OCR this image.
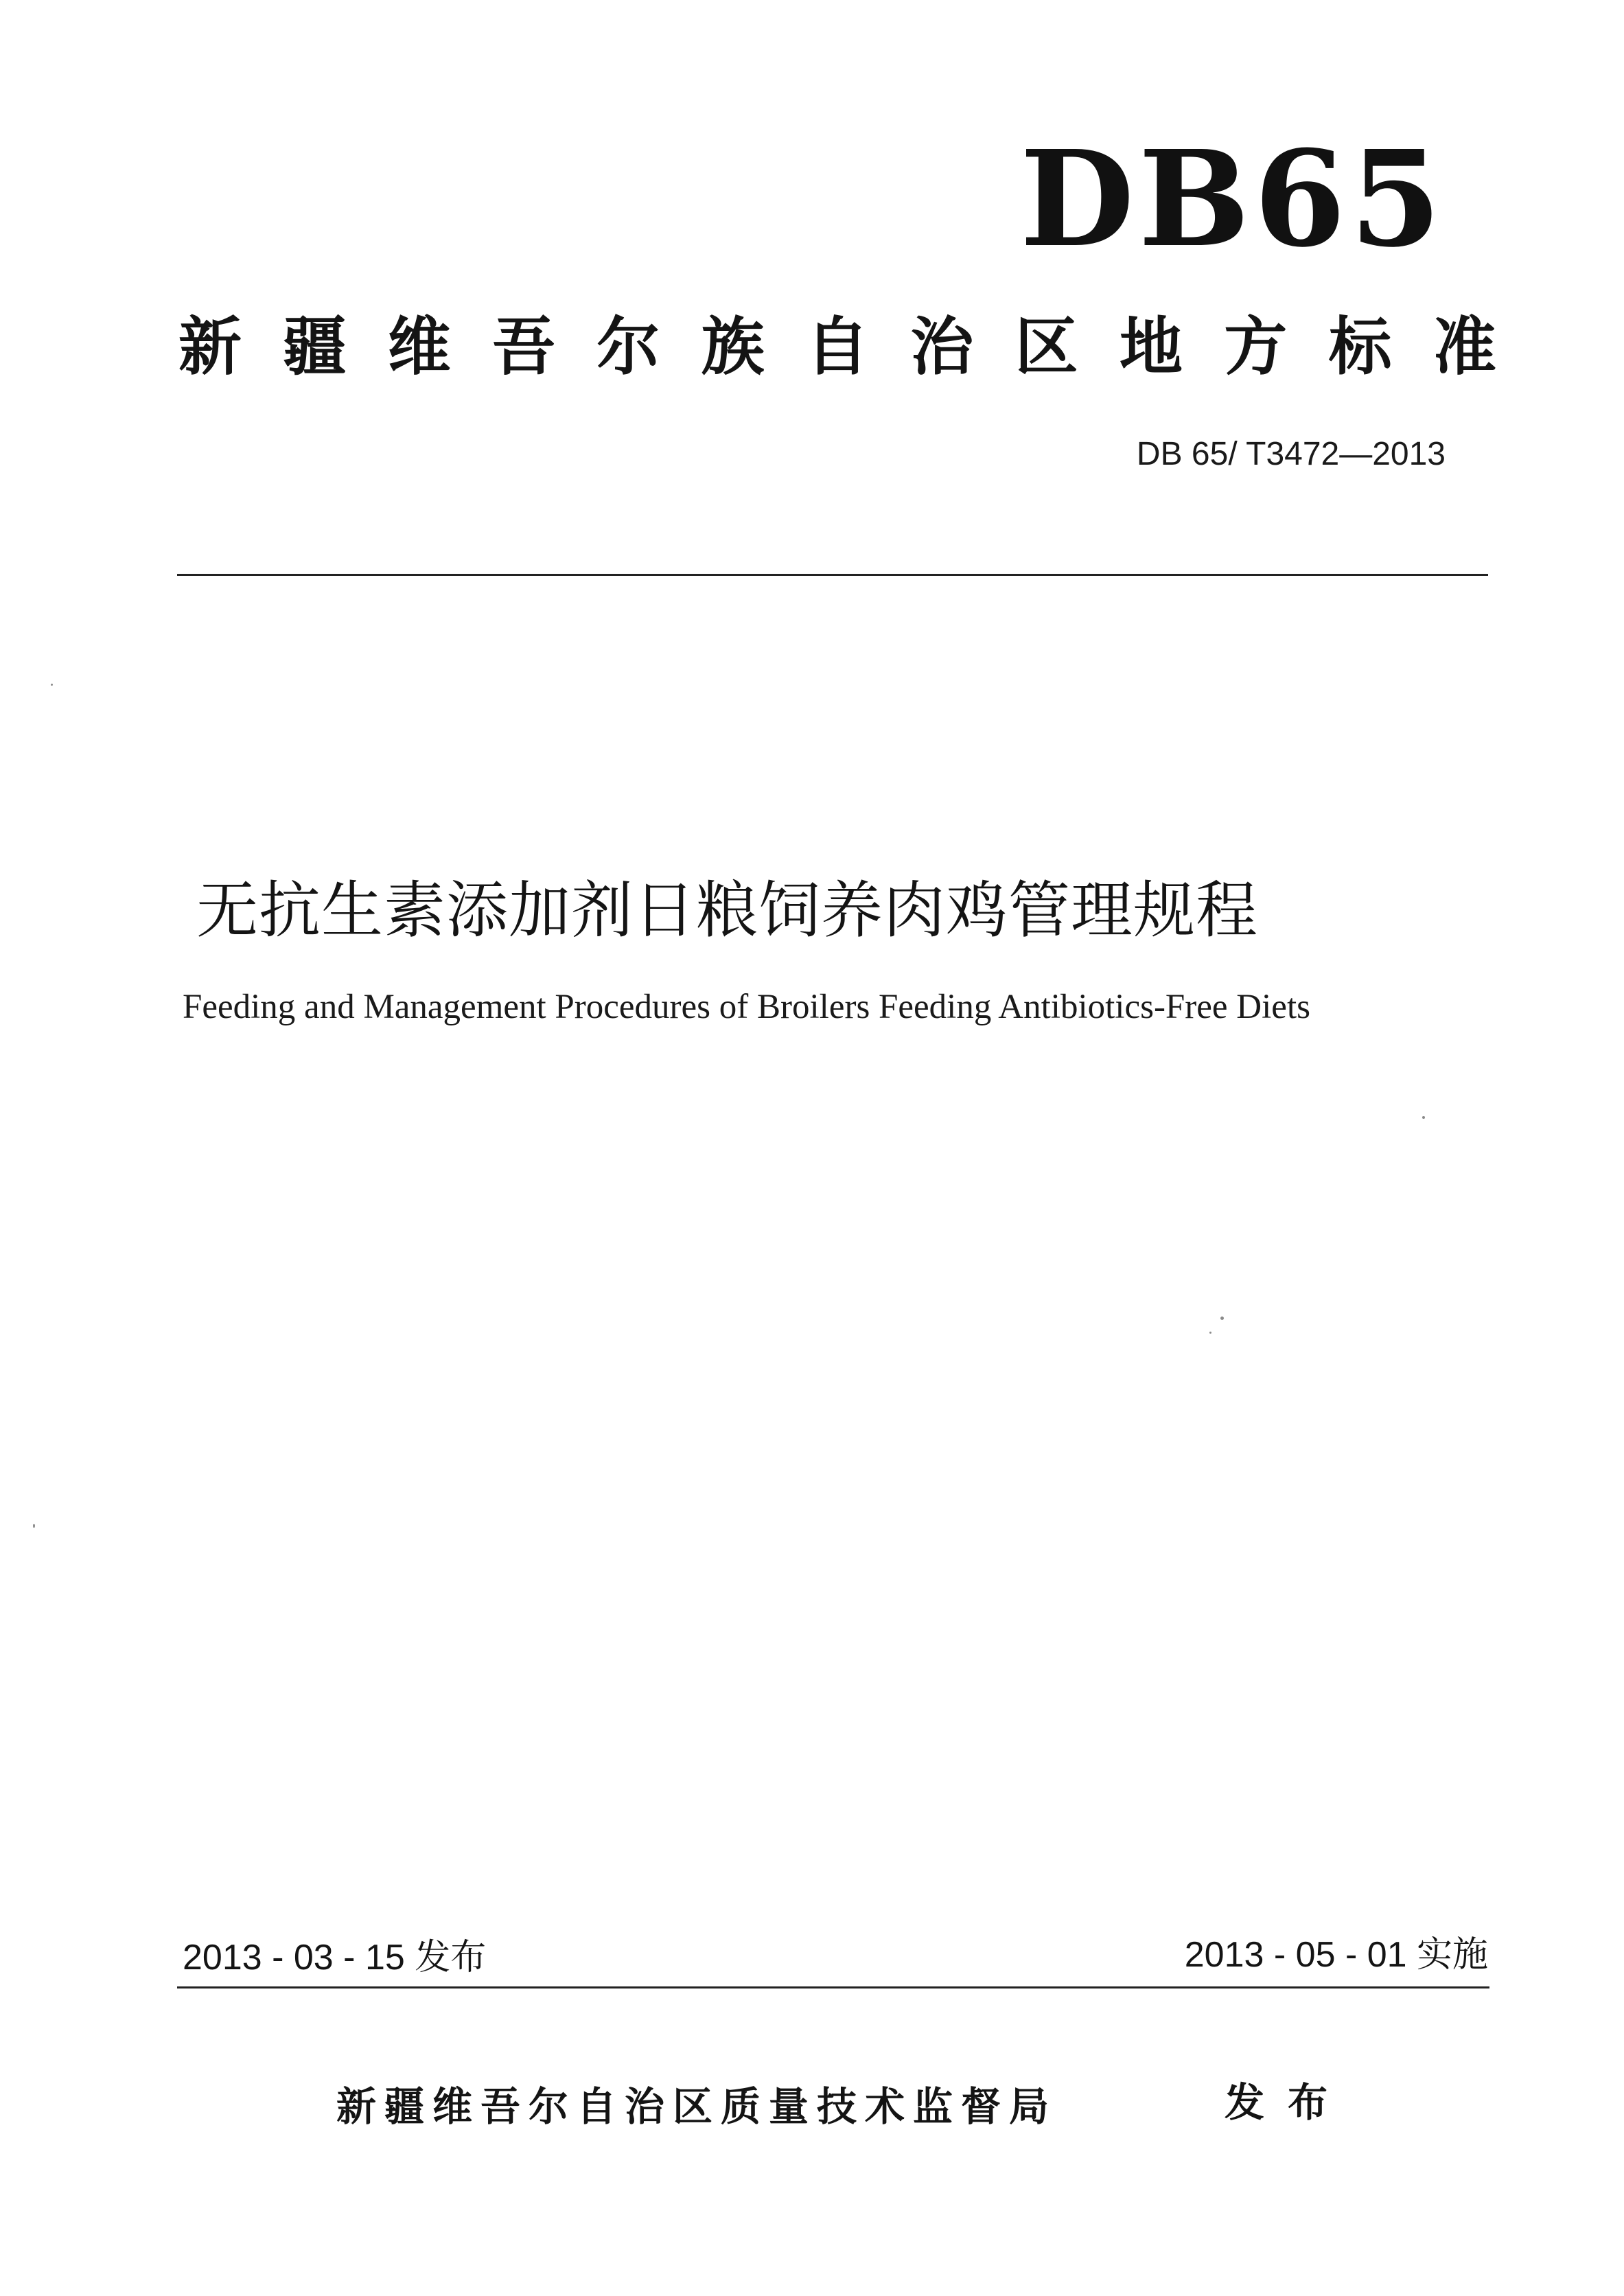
DB65
新 疆 维 吾 尔 族 自 治 区 地 方 标 准
DB 65/ T3472—2013
无抗生素添加剂日粮饲养肉鸡管理规程
Feeding and Management Procedures of Broilers Feeding Antibiotics-Free Diets
2013 - 03 - 15 发布	2013 - 05 - 01 实施
新疆维吾尔自治区质量技术监督局	发布
